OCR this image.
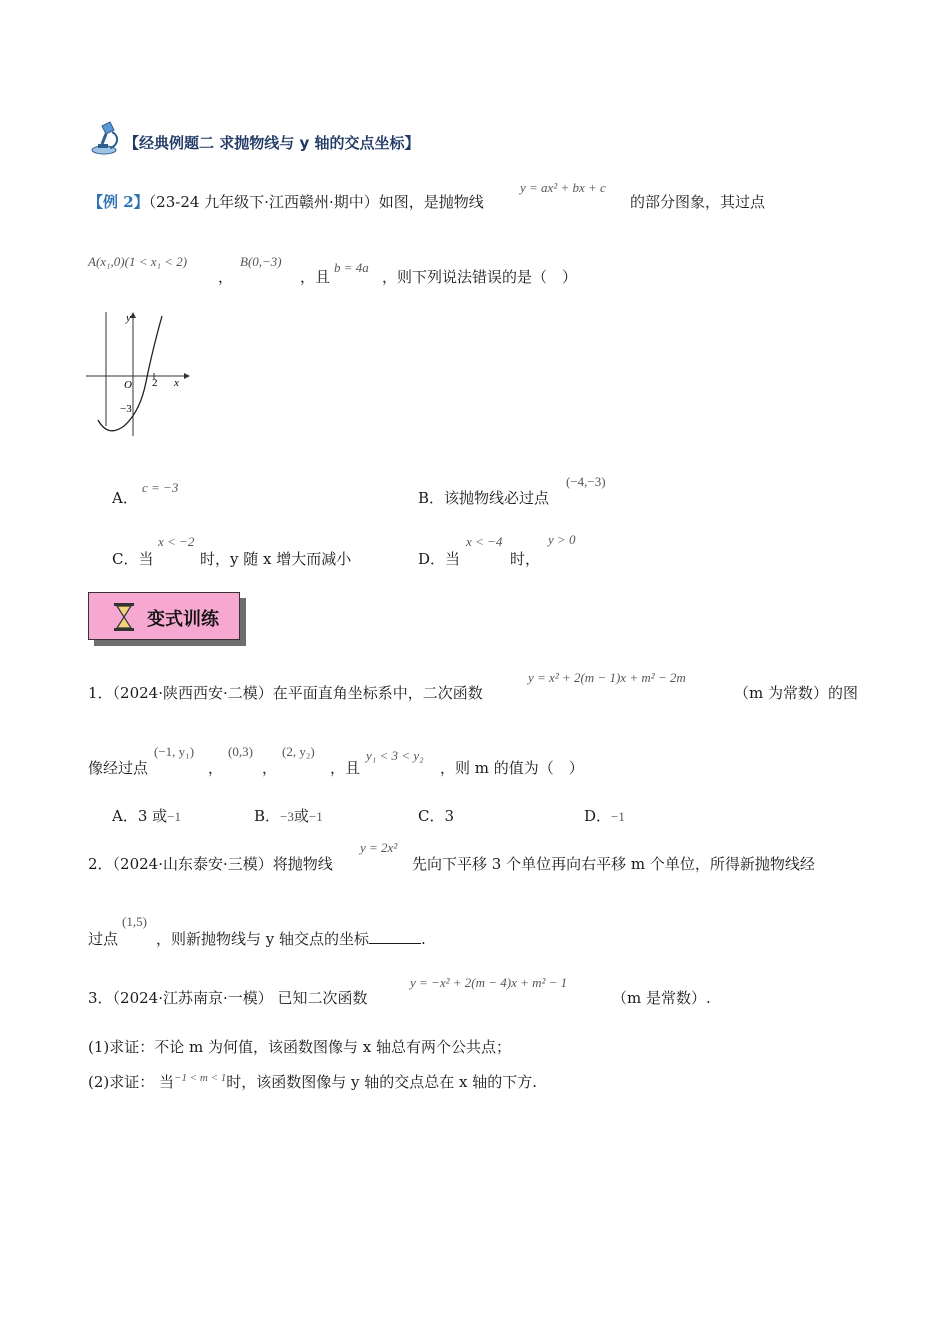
【经典例题二 求抛物线与 y 轴的交点坐标】
【例 2】（23-24 九年级下·江西赣州·期中）如图，是抛物线
y = ax² + bx + c
的部分图象，其过点
A(x₁,0)(1 < x₁ < 2)
，
B(0,−3)
，且
b = 4a
，则下列说法错误的是（　）
y
x
O 2
−3
A．
c = −3
B．该抛物线必过点
(−4,−3)
C．当
x < −2
时，y 随 x 增大而减小	D．当
x < −4
时，
y > 0
变式训练
1．（2024·陕西西安·二模）在平面直角坐标系中，二次函数
y = x² + 2(m − 1)x + m² − 2m
（m 为常数）的图
像经过点
(−1, y₁)
，
(0,3)
，
(2, y₂)
，且
y₁ < 3 < y₂
，则 m 的值为（　）
A．3 或−1	B．−3或−1	C．3	D．−1
2．（2024·山东泰安·三模）将抛物线
y = 2x²
先向下平移 3 个单位再向右平移 m 个单位，所得新抛物线经
过点
(1,5)
，则新抛物线与 y 轴交点的坐标	.
3．（2024·江苏南京·一模） 已知二次函数
y = −x² + 2(m − 4)x + m² − 1
（m 是常数）.
(1)求证：不论 m 为何值，该函数图像与 x 轴总有两个公共点；
(2)求证： 当$^{-1 < m < 1}$时，该函数图像与 y 轴的交点总在 x 轴的下方.
